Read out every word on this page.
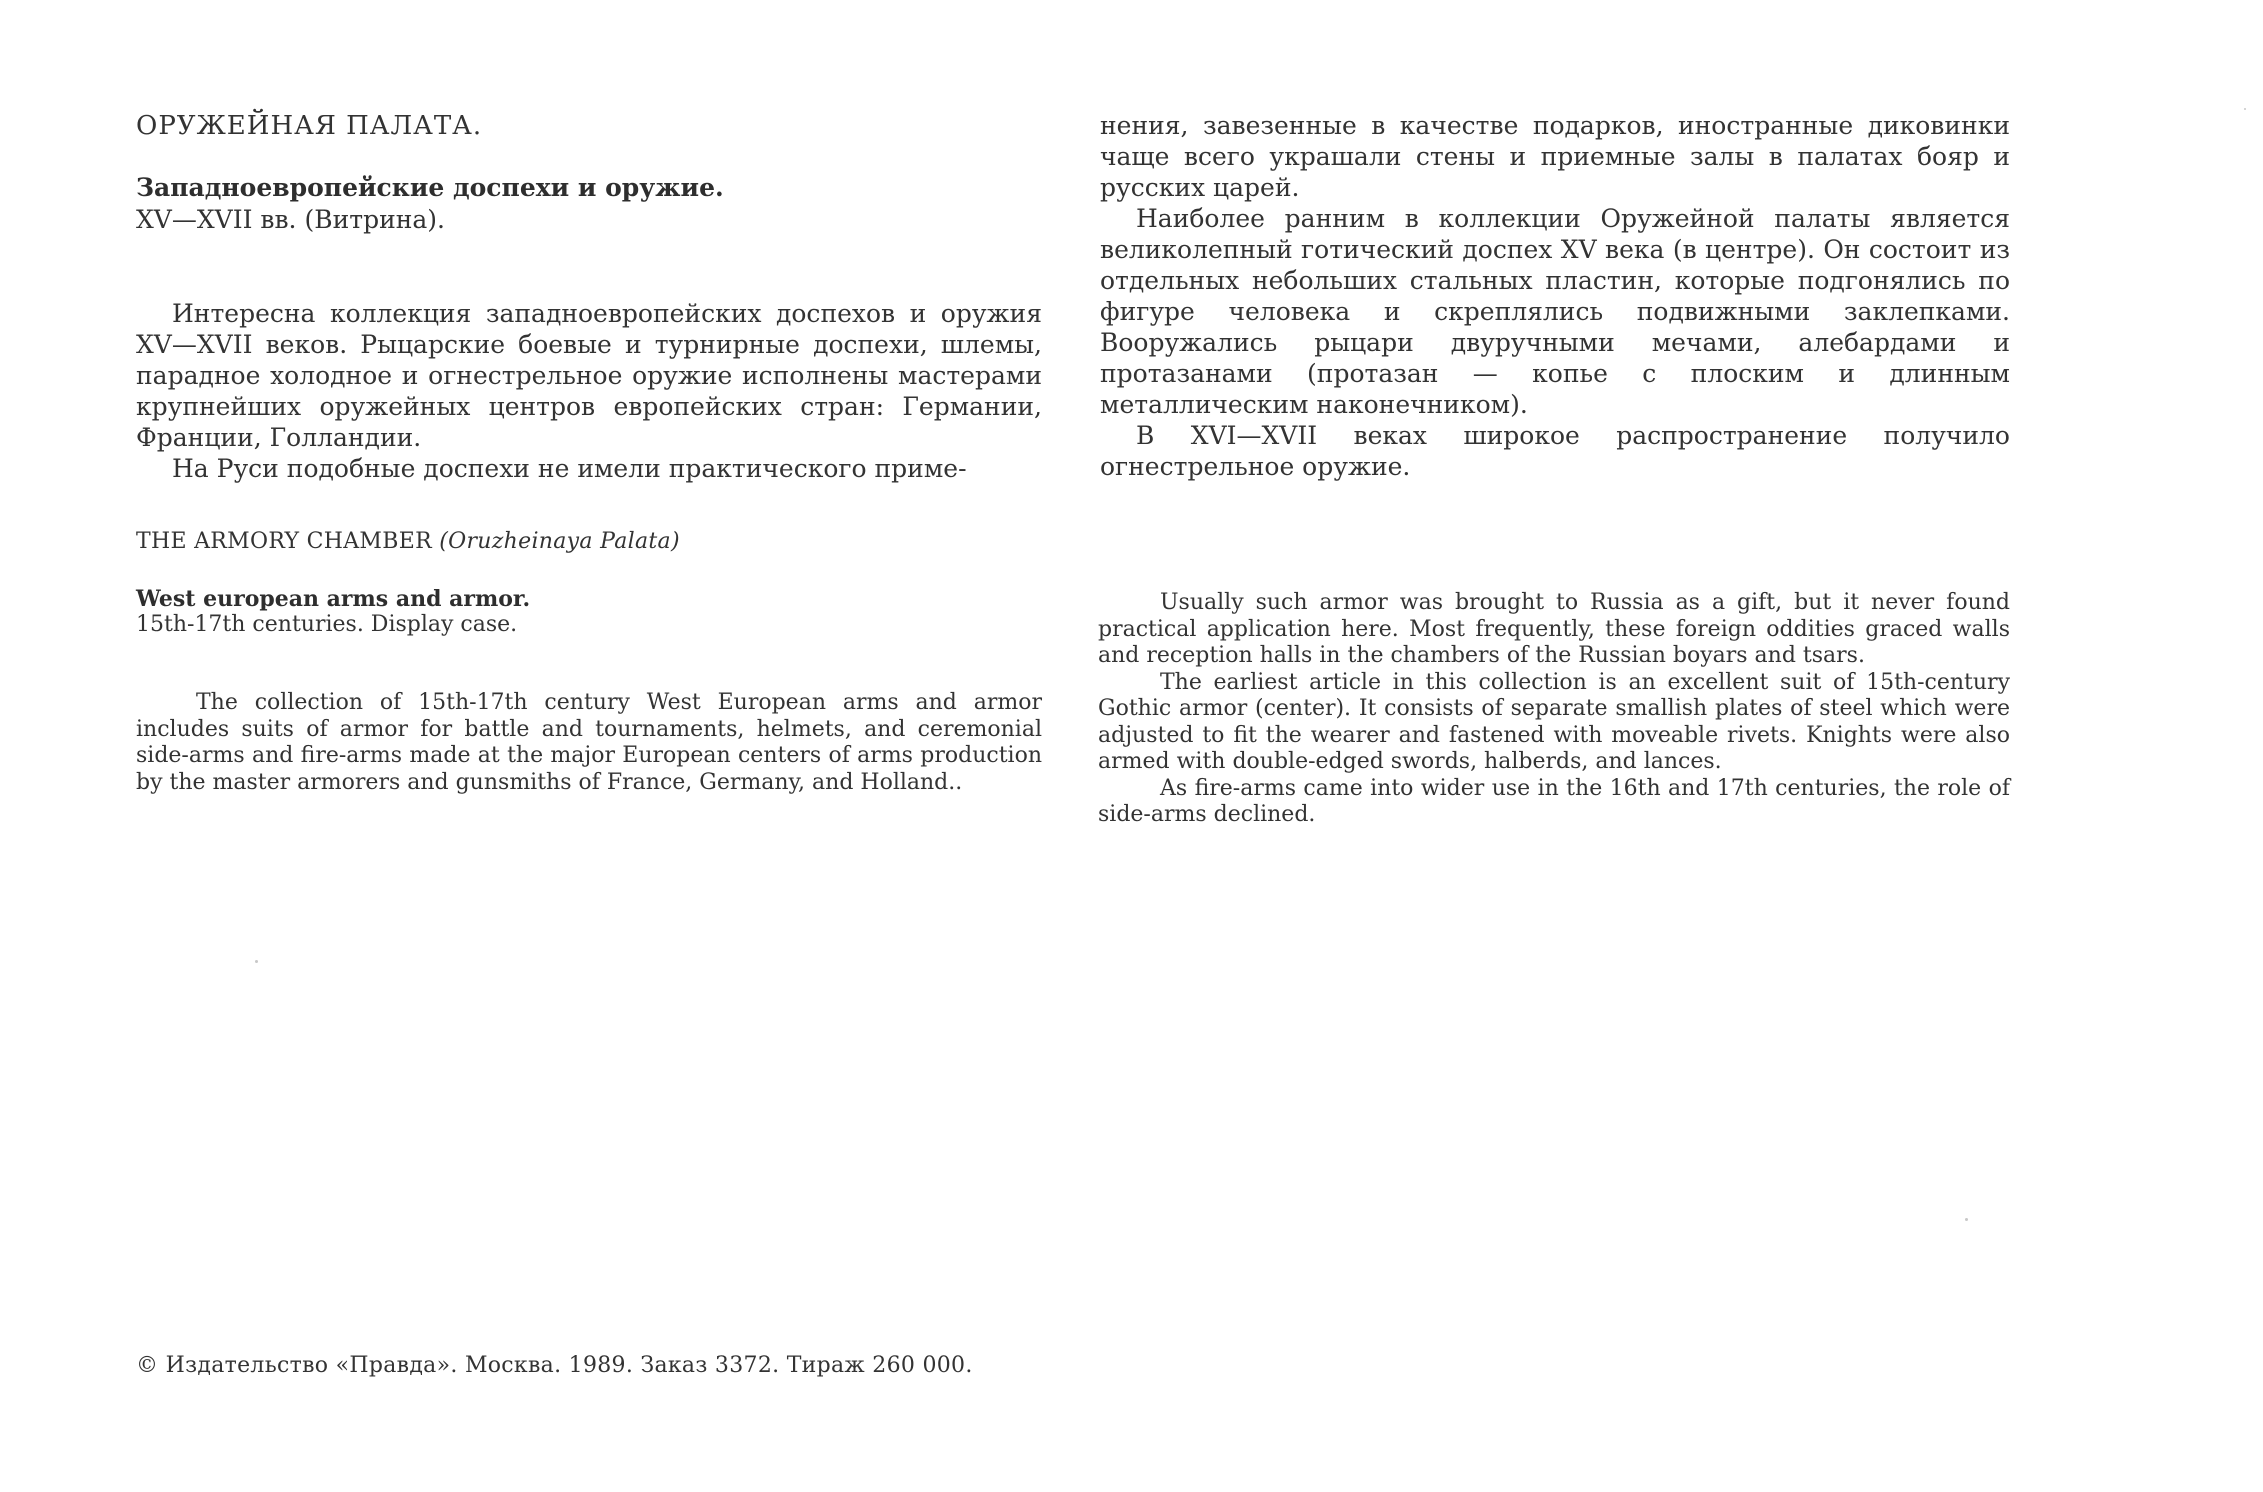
ОРУЖЕЙНАЯ ПАЛАТА.
Западноевропейские доспехи и оружие.
XV—XVII вв. (Витрина).

Интересна коллекция западноевропейских доспехов и оружия XV—XVII веков. Рыцарские боевые и турнирные доспехи, шлемы, парадное холодное и огнестрельное оружие исполнены мастерами крупнейших оружейных центров европейских стран: Германии, Франции, Голландии.

На Руси подобные доспехи не имели практического приме-

нения, завезенные в качестве подарков, иностранные диковинки чаще всего украшали стены и приемные залы в палатах бояр и русских царей.

Наиболее ранним в коллекции Оружейной палаты является великолепный готический доспех XV века (в центре). Он состоит из отдельных небольших стальных пластин, которые подгонялись по фигуре человека и скреплялись подвижными заклепками. Вооружались рыцари двуручными мечами, алебардами и протазанами (протазан — копье с плоским и длинным металлическим наконечником).

В XVI—XVII веках широкое распространение получило огнестрельное оружие.

THE ARMORY CHAMBER (Oruzheinaya Palata)
West european arms and armor.
15th-17th centuries. Display case.

The collection of 15th-17th century West European arms and armor includes suits of armor for battle and tournaments, helmets, and ceremonial side-arms and fire-arms made at the major European centers of arms production by the master armorers and gunsmiths of France, Germany, and Holland..

Usually such armor was brought to Russia as a gift, but it never found practical application here. Most frequently, these foreign oddities graced walls and reception halls in the chambers of the Russian boyars and tsars.

The earliest article in this collection is an excellent suit of 15th-century Gothic armor (center). It consists of separate smallish plates of steel which were adjusted to fit the wearer and fastened with moveable rivets. Knights were also armed with double-edged swords, halberds, and lances.

As fire-arms came into wider use in the 16th and 17th centuries, the role of side-arms declined.

© Издательство «Правда». Москва. 1989. Заказ 3372. Тираж 260 000.
